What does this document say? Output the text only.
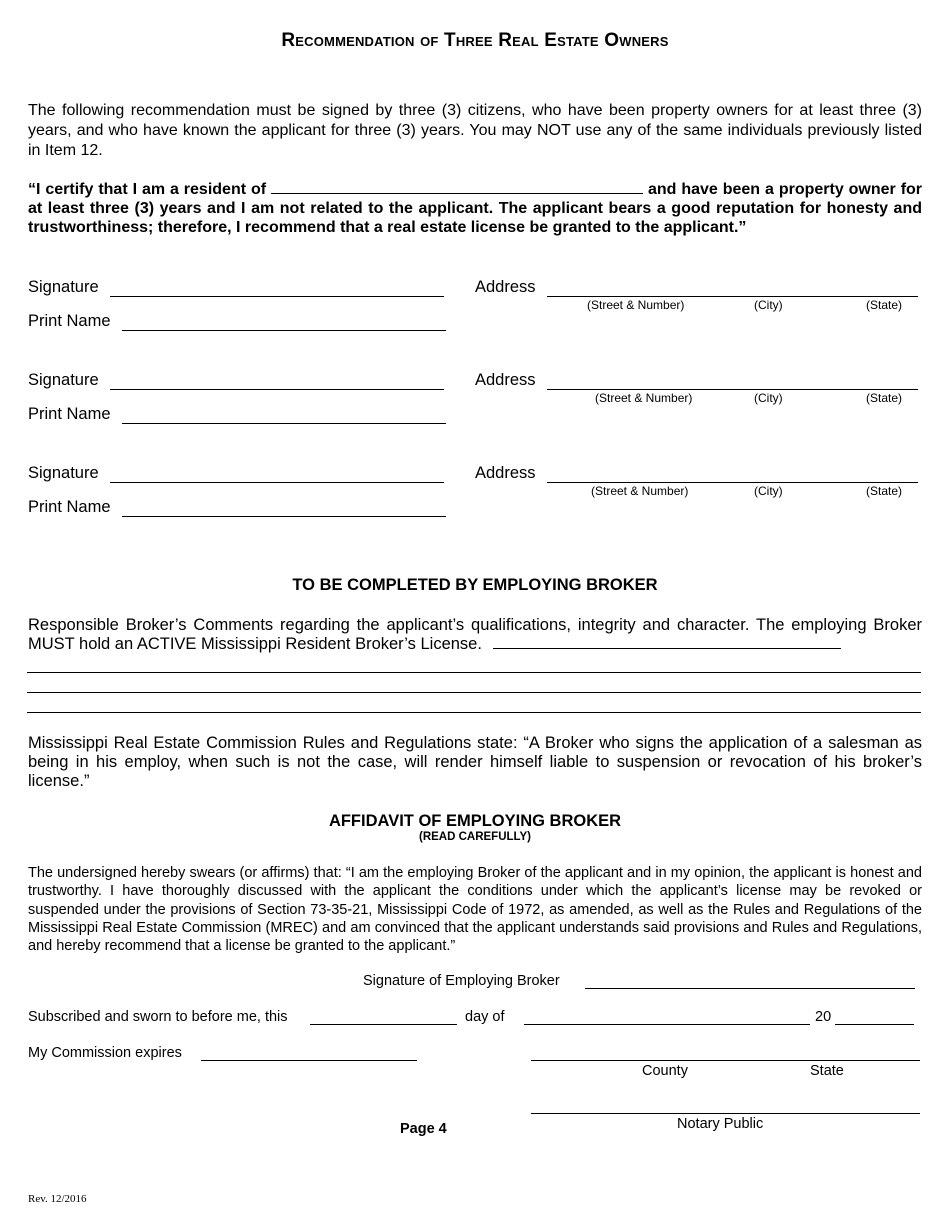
Recommendation of Three Real Estate Owners
The following recommendation must be signed by three (3) citizens, who have been property owners for at least three (3) years, and who have known the applicant for three (3) years. You may NOT use any of the same individuals previously listed in Item 12.
“I certify that I am a resident of	and have been a property owner for at least three (3) years and I am not related to the applicant. The applicant bears a good reputation for honesty and trustworthiness; therefore, I recommend that a real estate license be granted to the applicant.”
Signature
Print Name
Address
(Street & Number)	(City)	(State)
Signature
Print Name
Address
(Street & Number)	(City)	(State)
Signature
Print Name
Address
(Street & Number)	(City)	(State)
TO BE COMPLETED BY EMPLOYING BROKER
Responsible Broker’s Comments regarding the applicant’s qualifications, integrity and character. The employing Broker MUST hold an ACTIVE Mississippi Resident Broker’s License.
Mississippi Real Estate Commission Rules and Regulations state: “A Broker who signs the application of a salesman as being in his employ, when such is not the case, will render himself liable to suspension or revocation of his broker’s license.”
AFFIDAVIT OF EMPLOYING BROKER
(READ CAREFULLY)
The undersigned hereby swears (or affirms) that: “I am the employing Broker of the applicant and in my opinion, the applicant is honest and trustworthy. I have thoroughly discussed with the applicant the conditions under which the applicant’s license may be revoked or suspended under the provisions of Section 73-35-21, Mississippi Code of 1972, as amended, as well as the Rules and Regulations of the Mississippi Real Estate Commission (MREC) and am convinced that the applicant understands said provisions and Rules and Regulations, and hereby recommend that a license be granted to the applicant.”
Signature of Employing Broker
Subscribed and sworn to before me, this	day of	20
My Commission expires
County	State
Notary Public
Page 4
Rev. 12/2016
